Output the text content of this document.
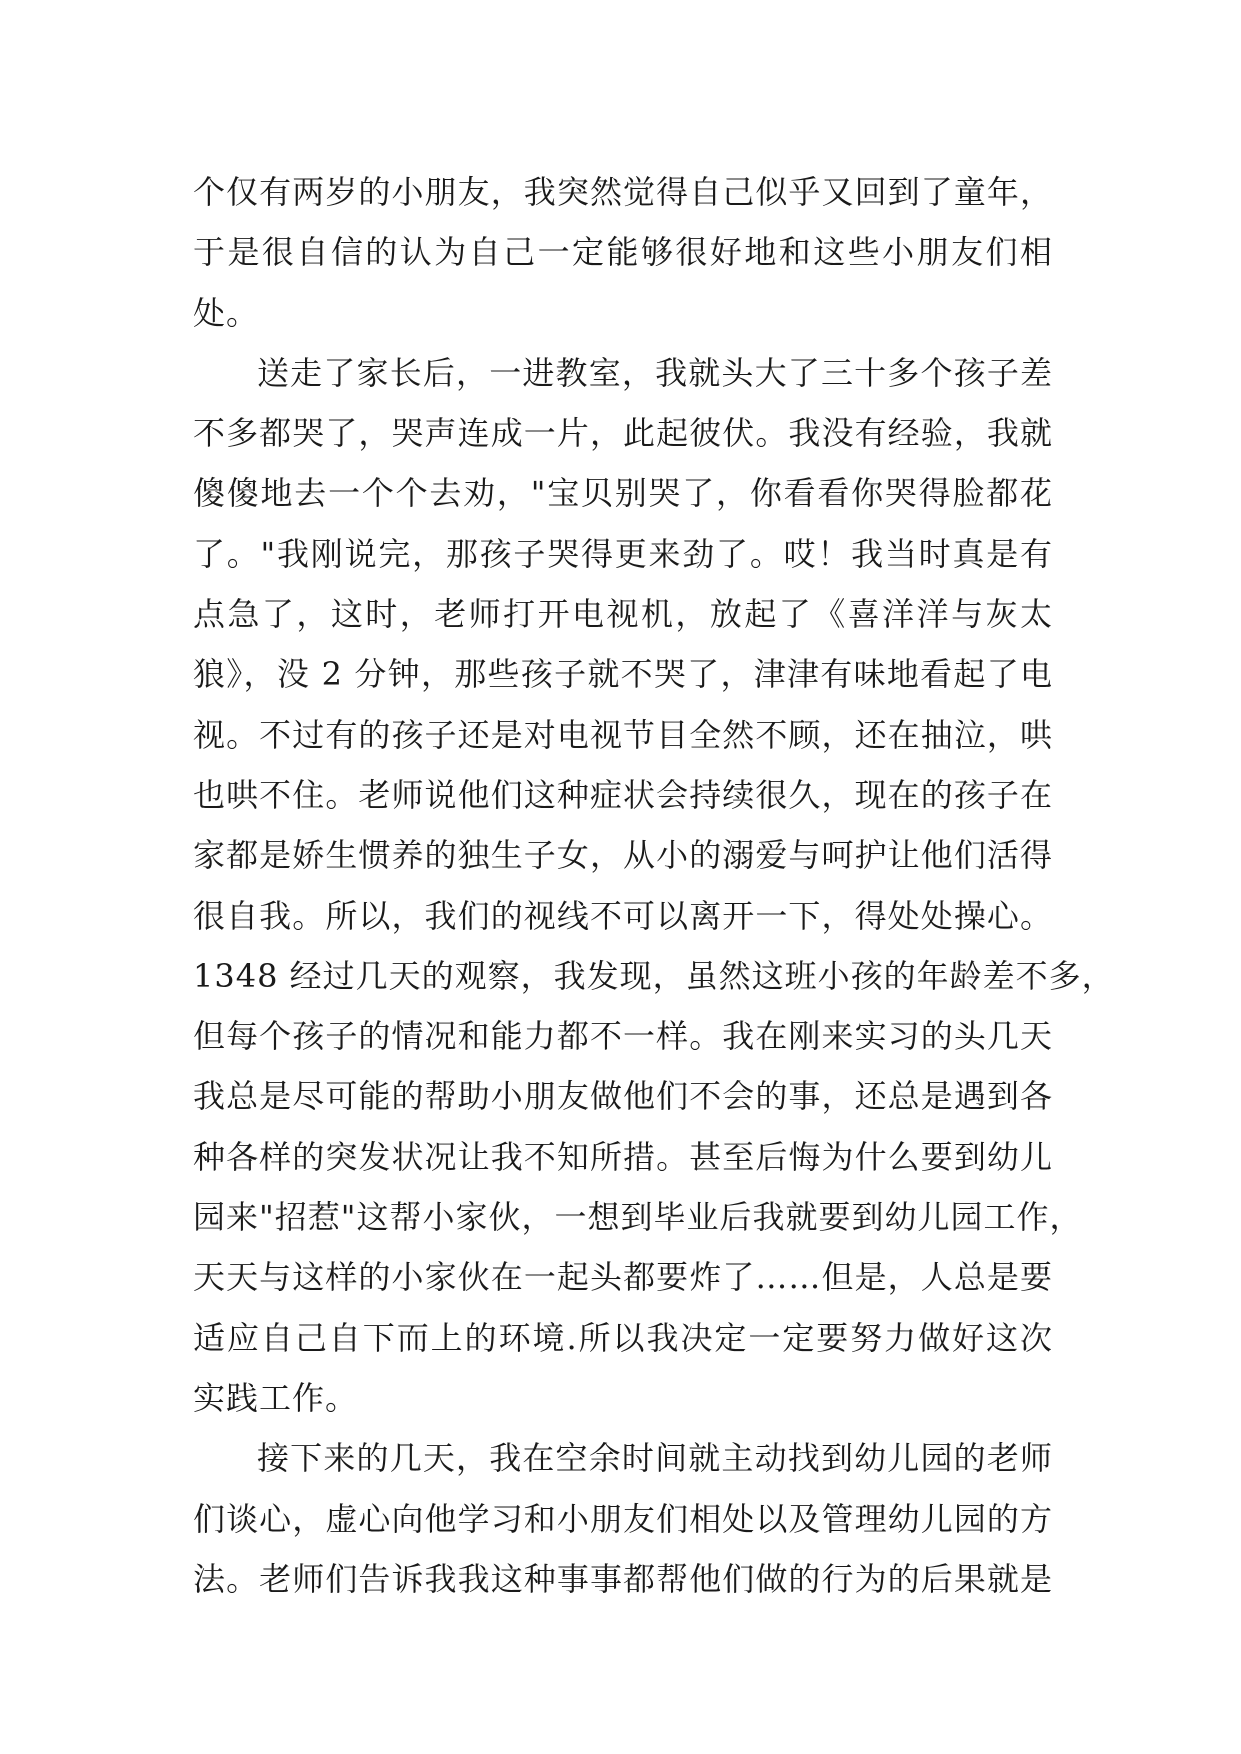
个仅有两岁的小朋友，我突然觉得自己似乎又回到了童年，
于是很自信的认为自己一定能够很好地和这些小朋友们相
处。
送走了家长后，一进教室，我就头大了三十多个孩子差
不多都哭了，哭声连成一片，此起彼伏。我没有经验，我就
傻傻地去一个个去劝，"宝贝别哭了，你看看你哭得脸都花
了。"我刚说完，那孩子哭得更来劲了。哎！我当时真是有
点急了，这时，老师打开电视机，放起了《喜洋洋与灰太
狼》，没 2 分钟，那些孩子就不哭了，津津有味地看起了电
视。不过有的孩子还是对电视节目全然不顾，还在抽泣，哄
也哄不住。老师说他们这种症状会持续很久，现在的孩子在
家都是娇生惯养的独生子女，从小的溺爱与呵护让他们活得
很自我。所以，我们的视线不可以离开一下，得处处操心。
1348 经过几天的观察，我发现，虽然这班小孩的年龄差不多，
但每个孩子的情况和能力都不一样。我在刚来实习的头几天
我总是尽可能的帮助小朋友做他们不会的事，还总是遇到各
种各样的突发状况让我不知所措。甚至后悔为什么要到幼儿
园来"招惹"这帮小家伙，一想到毕业后我就要到幼儿园工作，
天天与这样的小家伙在一起头都要炸了……但是，人总是要
适应自己自下而上的环境.所以我决定一定要努力做好这次
实践工作。
接下来的几天，我在空余时间就主动找到幼儿园的老师
们谈心，虚心向他学习和小朋友们相处以及管理幼儿园的方
法。老师们告诉我我这种事事都帮他们做的行为的后果就是
